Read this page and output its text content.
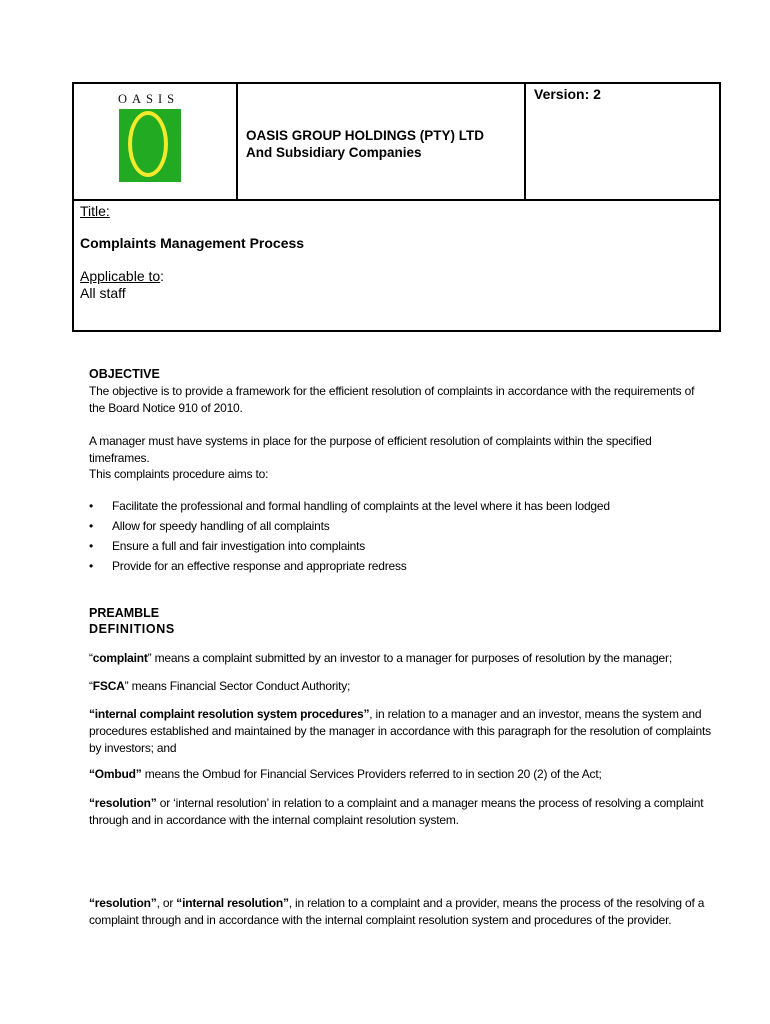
OASIS
OASIS GROUP HOLDINGS (PTY) LTD
And Subsidiary Companies
Version: 2
Title:
Complaints Management Process
Applicable to:
All staff
OBJECTIVE
The objective is to provide a framework for the efficient resolution of complaints in accordance with the requirements of the Board Notice 910 of 2010.
A manager must have systems in place for the purpose of efficient resolution of complaints within the specified timeframes.
This complaints procedure aims to:
• Facilitate the professional and formal handling of complaints at the level where it has been lodged
• Allow for speedy handling of all complaints
• Ensure a full and fair investigation into complaints
• Provide for an effective response and appropriate redress
PREAMBLE
DEFINITIONS
“complaint” means a complaint submitted by an investor to a manager for purposes of resolution by the manager;
“FSCA” means Financial Sector Conduct Authority;
“internal complaint resolution system procedures”, in relation to a manager and an investor, means the system and procedures established and maintained by the manager in accordance with this paragraph for the resolution of complaints by investors; and
“Ombud” means the Ombud for Financial Services Providers referred to in section 20 (2) of the Act;
“resolution” or ‘internal resolution’ in relation to a complaint and a manager means the process of resolving a complaint through and in accordance with the internal complaint resolution system.
“resolution”, or “internal resolution”, in relation to a complaint and a provider, means the process of the resolving of a complaint through and in accordance with the internal complaint resolution system and procedures of the provider.
